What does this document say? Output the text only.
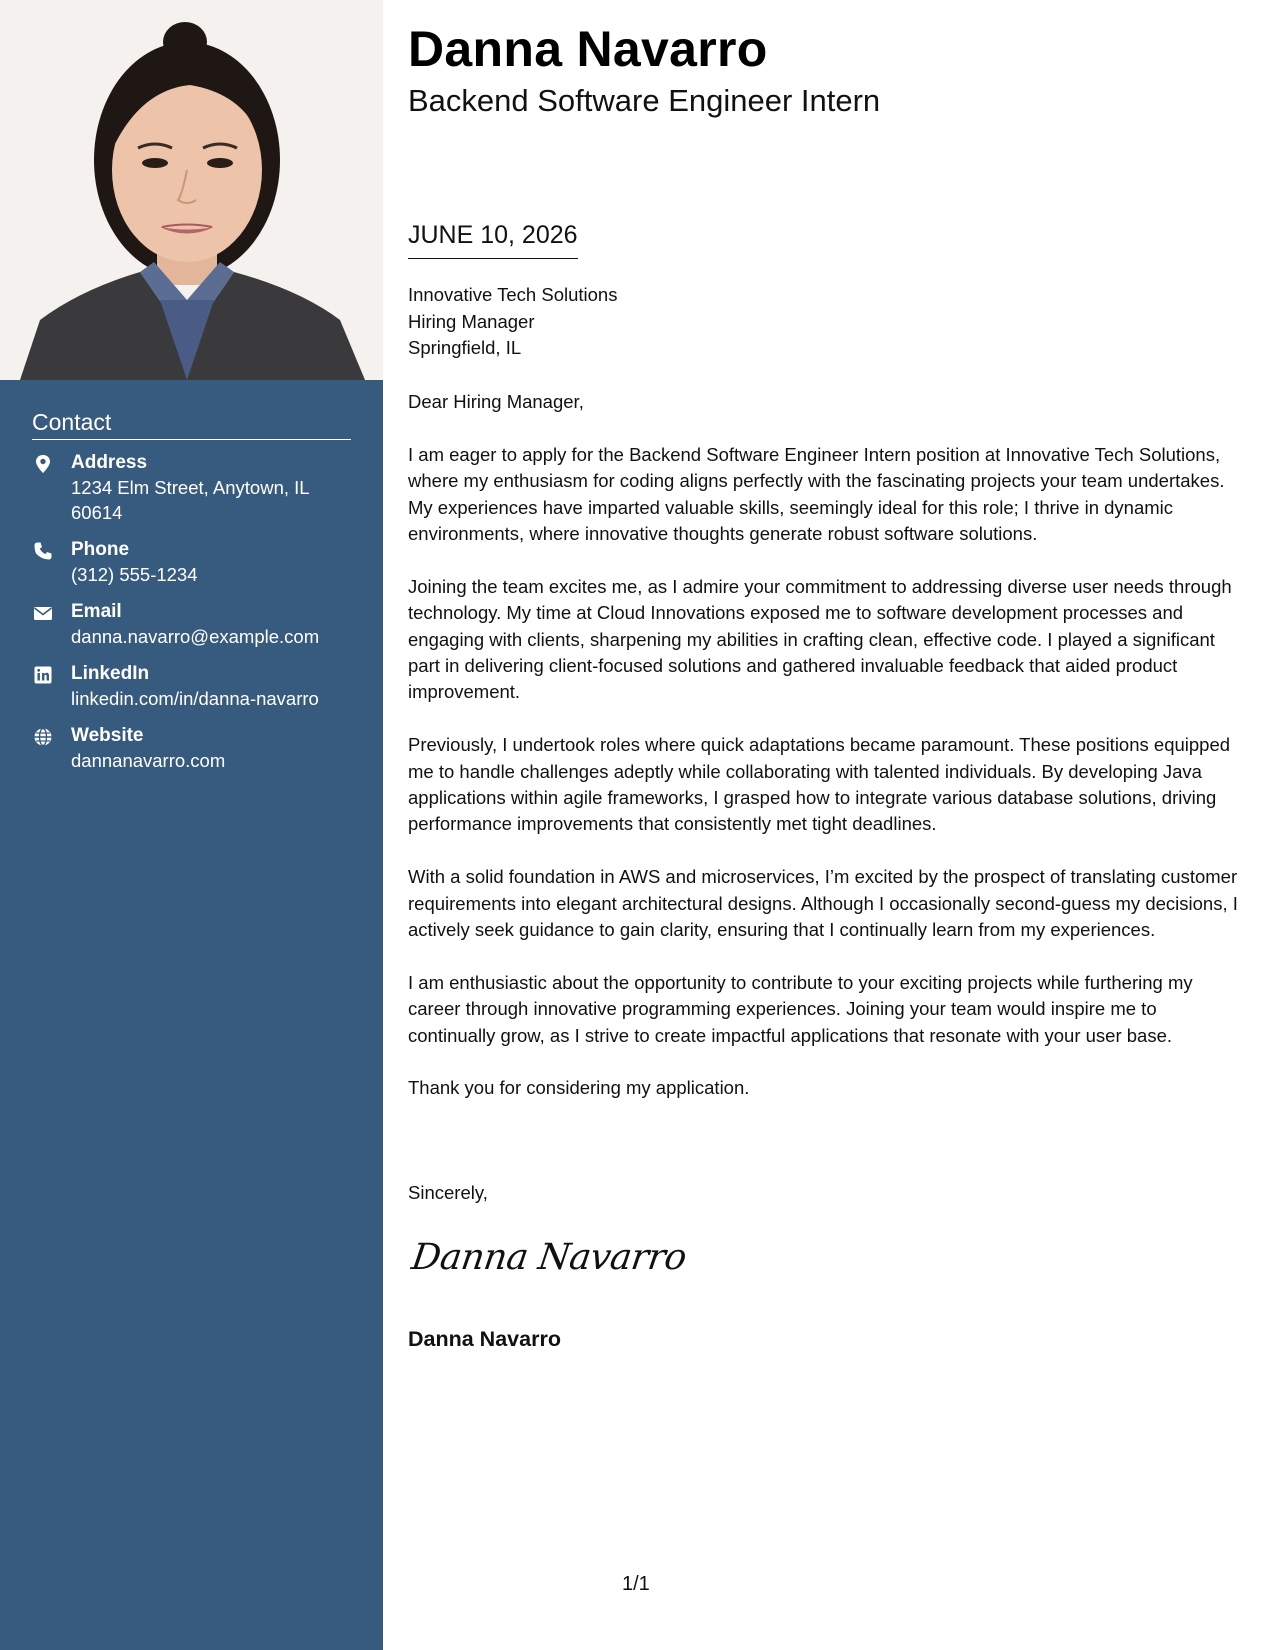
Contact
Address
1234 Elm Street, Anytown, IL 60614
Phone
(312) 555-1234
Email
danna.navarro@example.com
LinkedIn
linkedin.com/in/danna-navarro
Website
dannanavarro.com
Danna Navarro
Backend Software Engineer Intern
JUNE 10, 2026
Innovative Tech Solutions
Hiring Manager
Springfield, IL

Dear Hiring Manager,

I am eager to apply for the Backend Software Engineer Intern position at Innovative Tech Solutions, where my enthusiasm for coding aligns perfectly with the fascinating projects your team undertakes. My experiences have imparted valuable skills, seemingly ideal for this role; I thrive in dynamic environments, where innovative thoughts generate robust software solutions.

Joining the team excites me, as I admire your commitment to addressing diverse user needs through technology. My time at Cloud Innovations exposed me to software development processes and engaging with clients, sharpening my abilities in crafting clean, effective code. I played a significant part in delivering client-focused solutions and gathered invaluable feedback that aided product improvement.

Previously, I undertook roles where quick adaptations became paramount. These positions equipped me to handle challenges adeptly while collaborating with talented individuals. By developing Java applications within agile frameworks, I grasped how to integrate various database solutions, driving performance improvements that consistently met tight deadlines.

With a solid foundation in AWS and microservices, I’m excited by the prospect of translating customer requirements into elegant architectural designs. Although I occasionally second-guess my decisions, I actively seek guidance to gain clarity, ensuring that I continually learn from my experiences.

I am enthusiastic about the opportunity to contribute to your exciting projects while furthering my career through innovative programming experiences. Joining your team would inspire me to continually grow, as I strive to create impactful applications that resonate with your user base.

Thank you for considering my application.

Sincerely,
Danna Navarro
Danna Navarro
1/1
